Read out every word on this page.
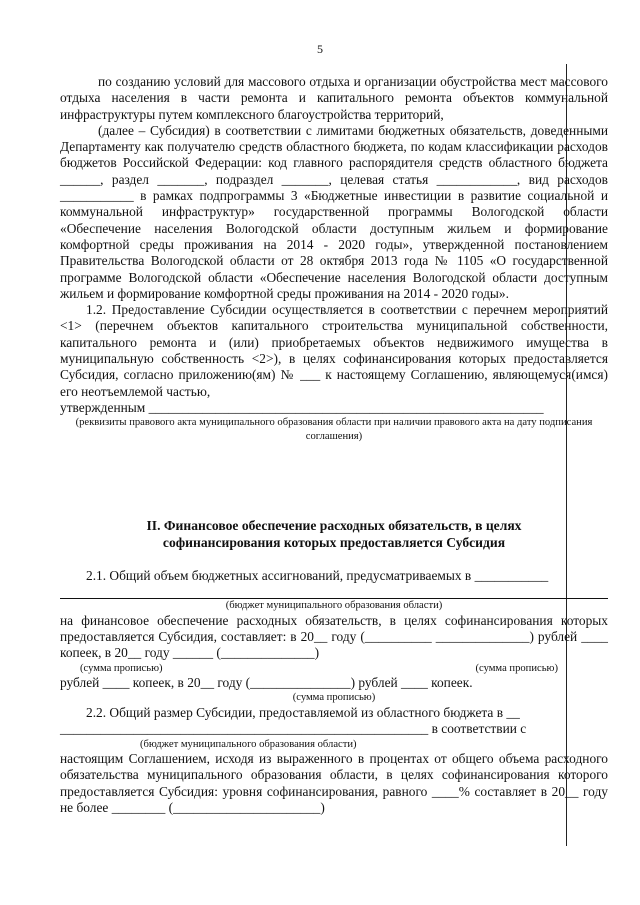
5

по созданию условий для массового отдыха и организации обустройства мест массового отдыха населения в части ремонта и капитального ремонта объектов коммунальной инфраструктуры путем комплексного благоустройства территорий,

(далее – Субсидия) в соответствии с лимитами бюджетных обязательств, доведенными Департаменту как получателю средств областного бюджета, по кодам классификации расходов бюджетов Российской Федерации: код главного распорядителя средств областного бюджета ______, раздел _______, подраздел _______, целевая статья ____________, вид расходов ___________ в рамках подпрограммы 3 «Бюджетные инвестиции в развитие социальной и коммунальной инфраструктур» государственной программы Вологодской области «Обеспечение населения Вологодской области доступным жильем и формирование комфортной среды проживания на 2014 - 2020 годы», утвержденной постановлением Правительства Вологодской области от 28 октября 2013 года № 1105 «О государственной программе Вологодской области «Обеспечение населения Вологодской области доступным жильем и формирование комфортной среды проживания на 2014 - 2020 годы».

1.2. Предоставление Субсидии осуществляется в соответствии с перечнем мероприятий <1> (перечнем объектов капитального строительства муниципальной собственности, капитального ремонта и (или) приобретаемых объектов недвижимого имущества в муниципальную собственность <2>), в целях софинансирования которых предоставляется Субсидия, согласно приложению(ям) № ___ к настоящему Соглашению, являющемуся(имся) его неотъемлемой частью,

утвержденным ___________________________________________________________

(реквизиты правового акта муниципального образования области при наличии правового акта на дату подписания соглашения)

II. Финансовое обеспечение расходных обязательств, в целях

софинансирования которых предоставляется Субсидия

2.1. Общий объем бюджетных ассигнований, предусматриваемых в ___________

(бюджет муниципального образования области)

на финансовое обеспечение расходных обязательств, в целях софинансирования которых предоставляется Субсидия, составляет: в 20__ году (__________ ______________) рублей ____ копеек, в 20__ году ______ (______________)

(сумма прописью)	(сумма прописью)

рублей ____ копеек, в 20__ году (_______________) рублей ____ копеек.

(сумма прописью)

2.2. Общий размер Субсидии, предоставляемой из областного бюджета в __

_______________________________________________________ в соответствии с

(бюджет муниципального образования области)

настоящим Соглашением, исходя из выраженного в процентах от общего объема расходного обязательства муниципального образования области, в целях софинансирования которого предоставляется Субсидия: уровня софинансирования, равного ____% составляет в 20__ году не более ________ (______________________)
